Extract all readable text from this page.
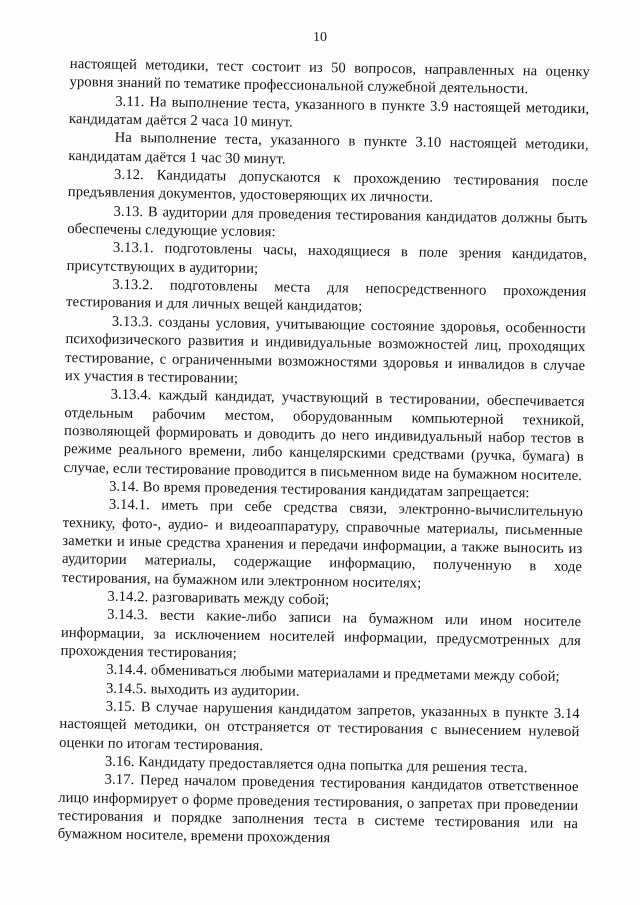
10

настоящей методики, тест состоит из 50 вопросов, направленных на оценку уровня знаний по тематике профессиональной служебной деятельности.

3.11. На выполнение теста, указанного в пункте 3.9 настоящей методики, кандидатам даётся 2 часа 10 минут.

На выполнение теста, указанного в пункте 3.10 настоящей методики, кандидатам даётся 1 час 30 минут.

3.12. Кандидаты допускаются к прохождению тестирования после предъявления документов, удостоверяющих их личности.

3.13. В аудитории для проведения тестирования кандидатов должны быть обеспечены следующие условия:

3.13.1. подготовлены часы, находящиеся в поле зрения кандидатов, присутствующих в аудитории;

3.13.2. подготовлены места для непосредственного прохождения тестирования и для личных вещей кандидатов;

3.13.3. созданы условия, учитывающие состояние здоровья, особенности психофизического развития и индивидуальные возможностей лиц, проходящих тестирование, с ограниченными возможностями здоровья и инвалидов в случае их участия в тестировании;

3.13.4. каждый кандидат, участвующий в тестировании, обеспечивается отдельным рабочим местом, оборудованным компьютерной техникой, позволяющей формировать и доводить до него индивидуальный набор тестов в режиме реального времени, либо канцелярскими средствами (ручка, бумага) в случае, если тестирование проводится в письменном виде на бумажном носителе.

3.14. Во время проведения тестирования кандидатам запрещается:

3.14.1. иметь при себе средства связи, электронно-вычислительную технику, фото-, аудио- и видеоаппаратуру, справочные материалы, письменные заметки и иные средства хранения и передачи информации, а также выносить из аудитории материалы, содержащие информацию, полученную в ходе тестирования, на бумажном или электронном носителях;

3.14.2. разговаривать между собой;

3.14.3. вести какие-либо записи на бумажном или ином носителе информации, за исключением носителей информации, предусмотренных для прохождения тестирования;

3.14.4. обмениваться любыми материалами и предметами между собой;

3.14.5. выходить из аудитории.

3.15. В случае нарушения кандидатом запретов, указанных в пункте 3.14 настоящей методики, он отстраняется от тестирования с вынесением нулевой оценки по итогам тестирования.

3.16. Кандидату предоставляется одна попытка для решения теста.

3.17. Перед началом проведения тестирования кандидатов ответственное лицо информирует о форме проведения тестирования, о запретах при проведении тестирования и порядке заполнения теста в системе тестирования или на бумажном носителе, времени прохождения
